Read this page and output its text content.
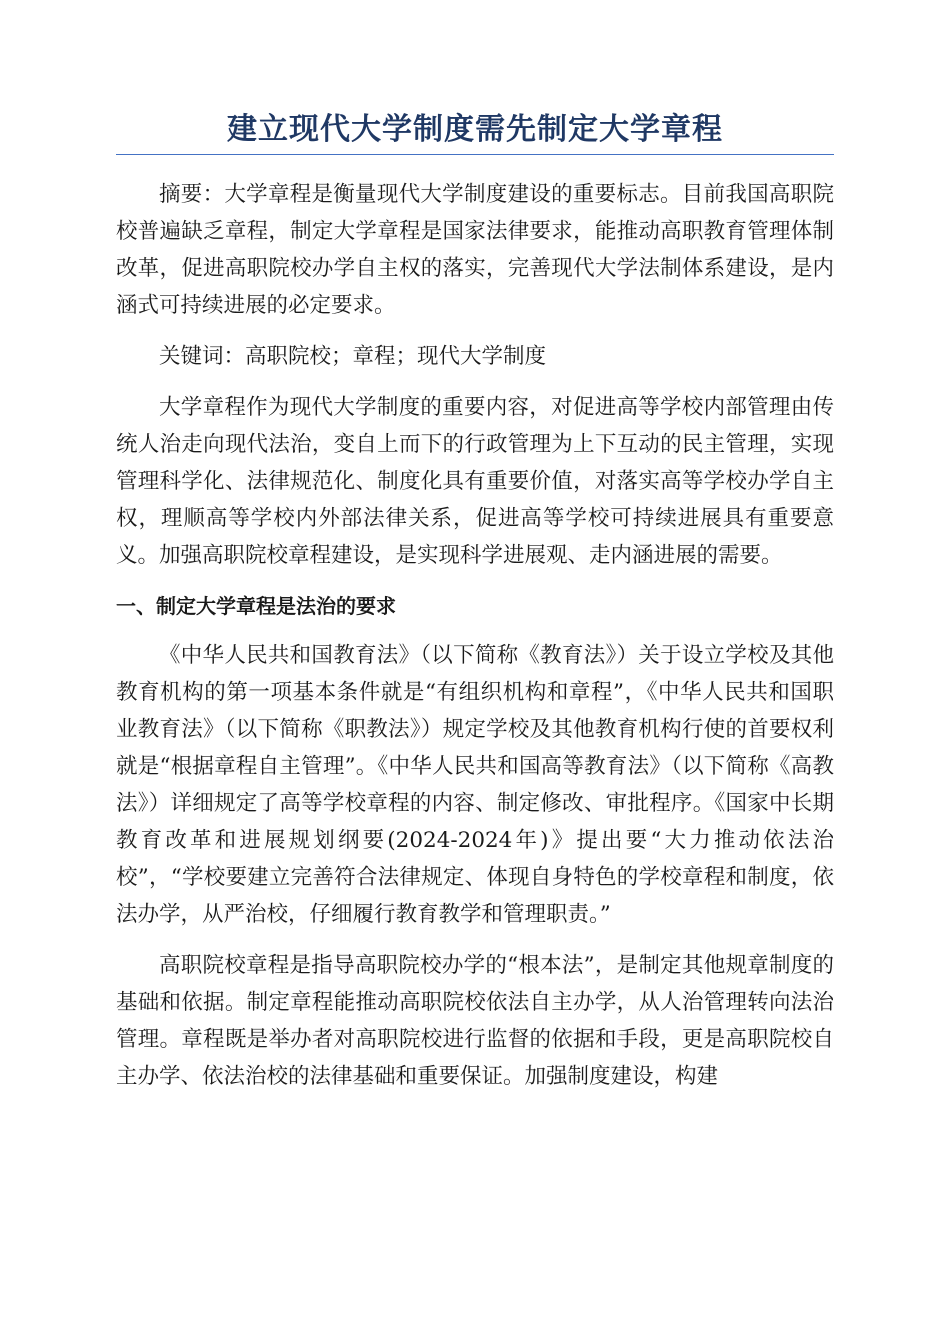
建立现代大学制度需先制定大学章程

摘要：大学章程是衡量现代大学制度建设的重要标志。目前我国高职院校普遍缺乏章程，制定大学章程是国家法律要求，能推动高职教育管理体制改革，促进高职院校办学自主权的落实，完善现代大学法制体系建设，是内涵式可持续进展的必定要求。

关键词：高职院校；章程；现代大学制度

大学章程作为现代大学制度的重要内容，对促进高等学校内部管理由传统人治走向现代法治，变自上而下的行政管理为上下互动的民主管理，实现管理科学化、法律规范化、制度化具有重要价值，对落实高等学校办学自主权，理顺高等学校内外部法律关系，促进高等学校可持续进展具有重要意义。加强高职院校章程建设，是实现科学进展观、走内涵进展的需要。

一、制定大学章程是法治的要求

《中华人民共和国教育法》（以下简称《教育法》）关于设立学校及其他教育机构的第一项基本条件就是“有组织机构和章程”，《中华人民共和国职业教育法》（以下简称《职教法》）规定学校及其他教育机构行使的首要权利就是“根据章程自主管理”。《中华人民共和国高等教育法》（以下简称《高教法》）详细规定了高等学校章程的内容、制定修改、审批程序。《国家中长期教育改革和进展规划纲要(2024-2024年)》提出要“大力推动依法治校”，“学校要建立完善符合法律规定、体现自身特色的学校章程和制度，依法办学，从严治校，仔细履行教育教学和管理职责。”

高职院校章程是指导高职院校办学的“根本法”，是制定其他规章制度的基础和依据。制定章程能推动高职院校依法自主办学，从人治管理转向法治管理。章程既是举办者对高职院校进行监督的依据和手段，更是高职院校自主办学、依法治校的法律基础和重要保证。加强制度建设，构建
